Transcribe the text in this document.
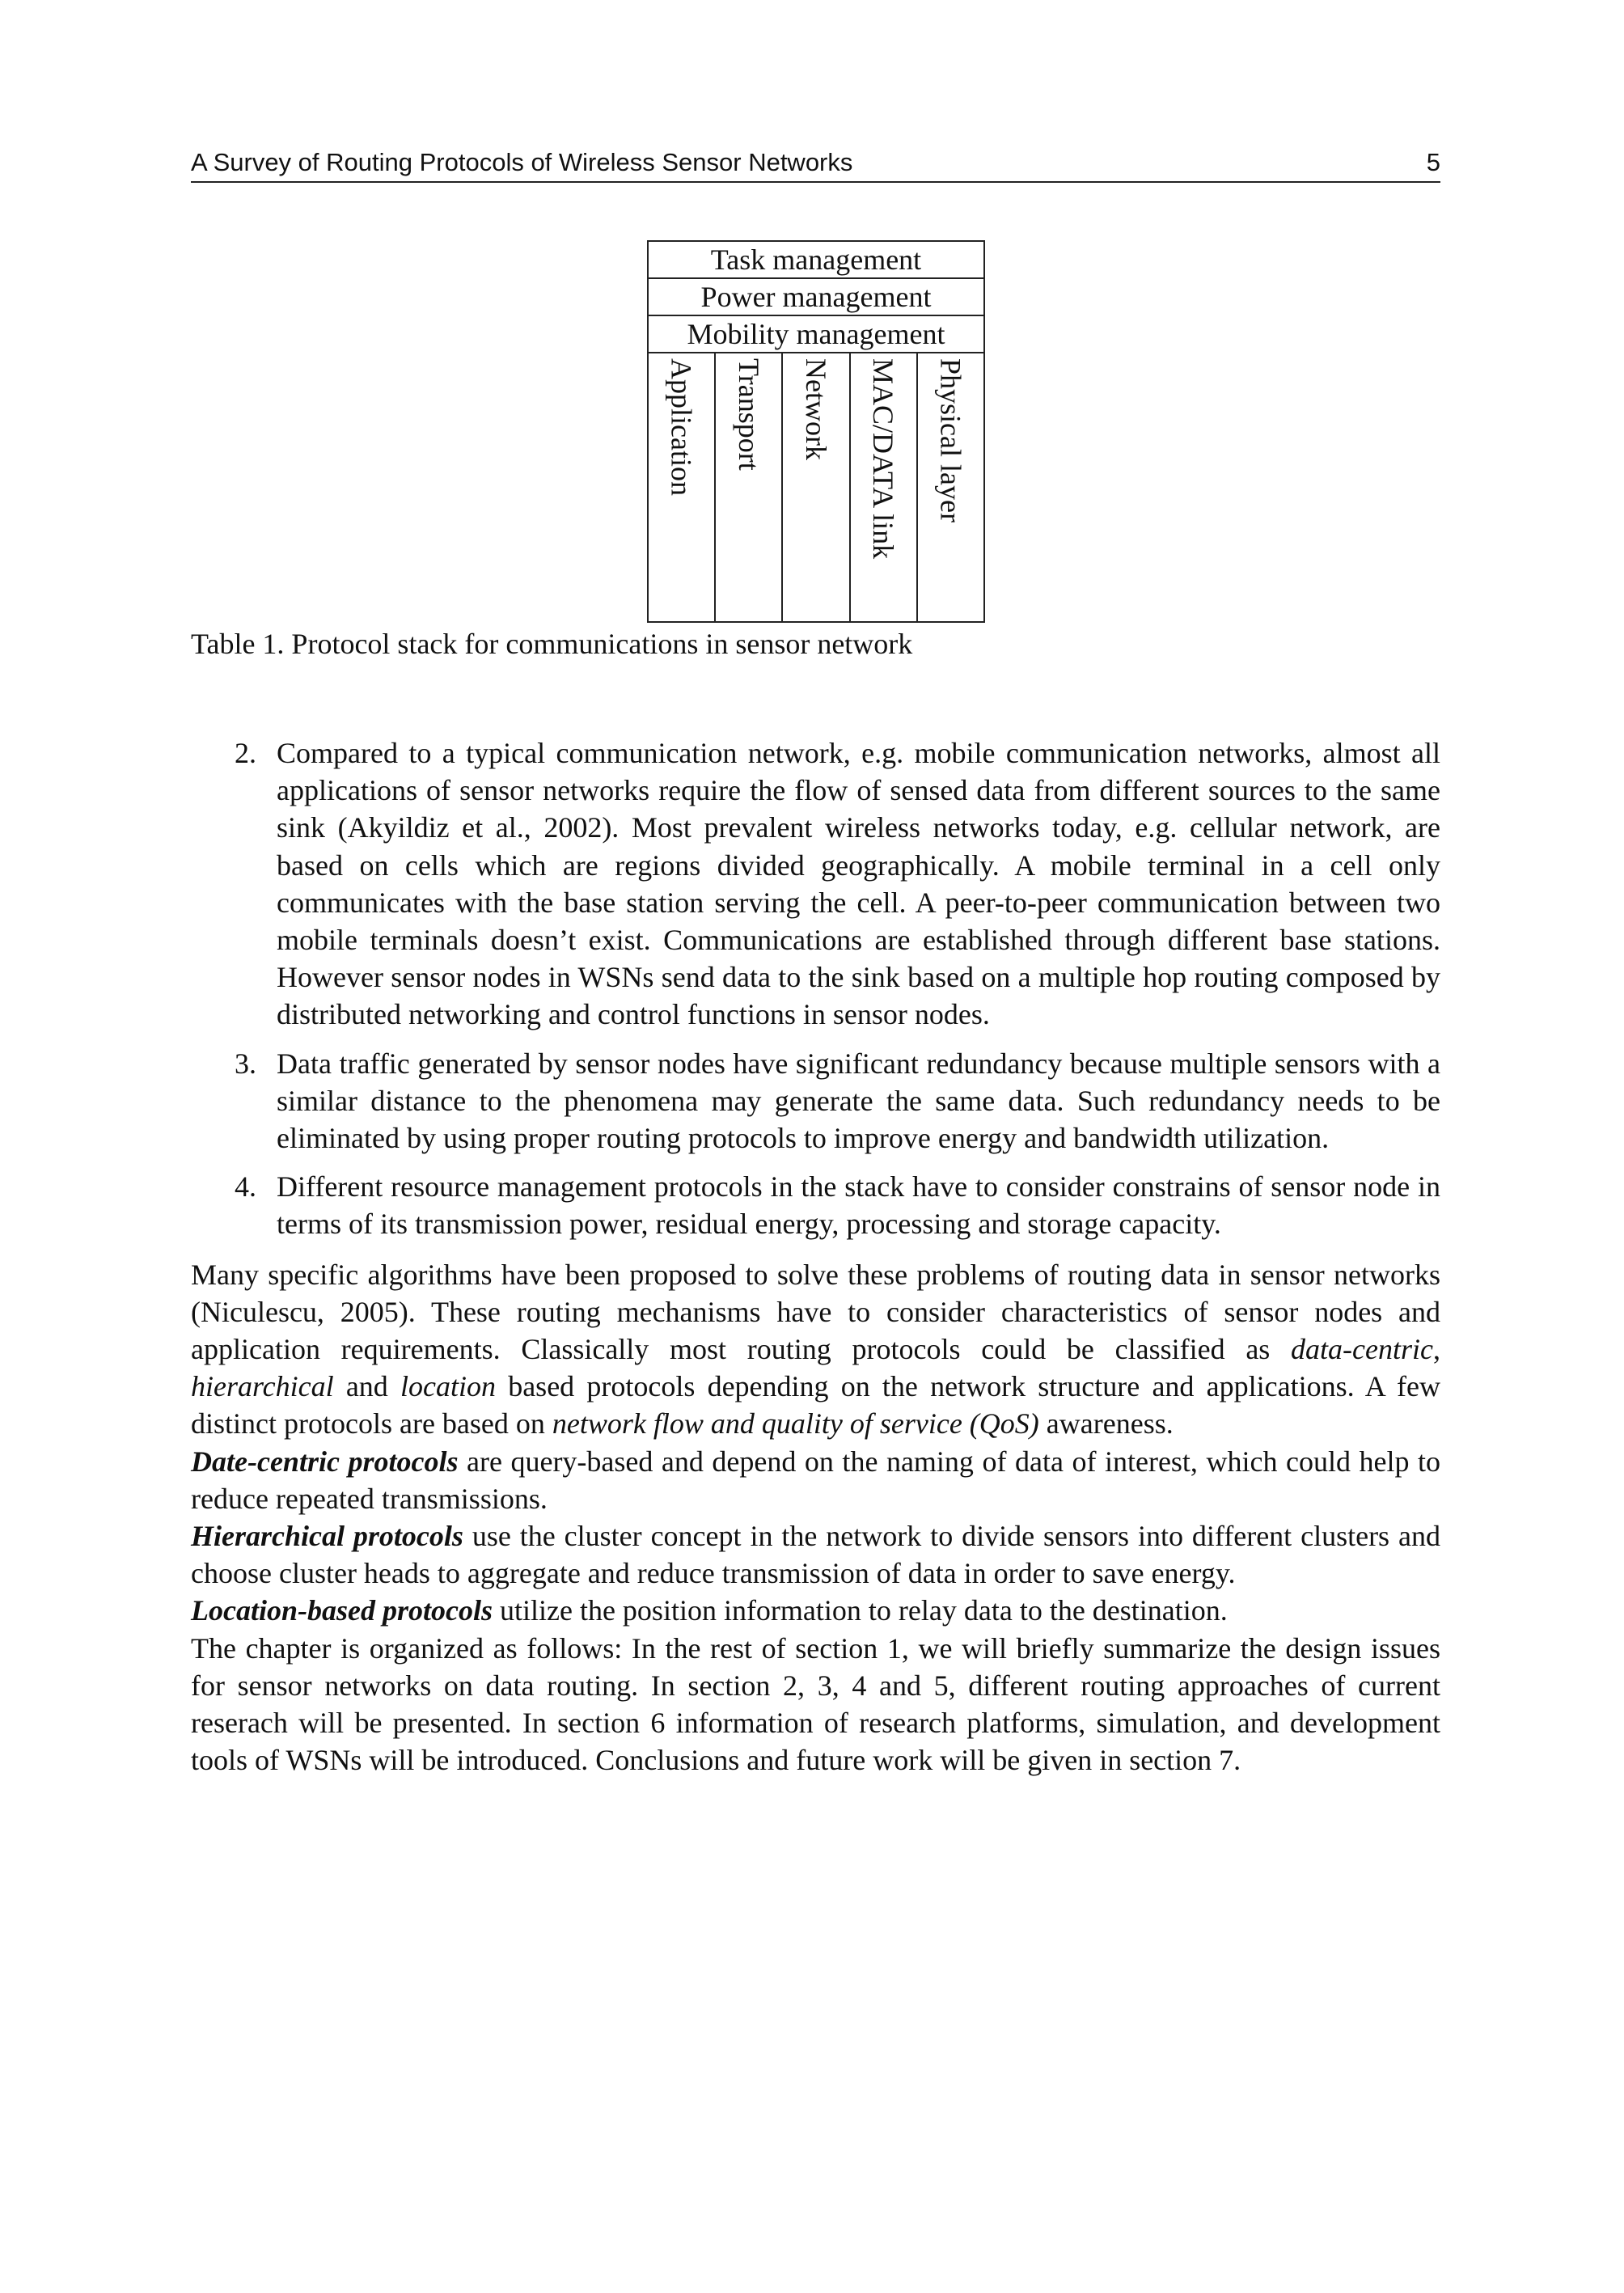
A Survey of Routing Protocols of Wireless Sensor Networks	5
Task management
Power management
Mobility management
Application Transport Network MAC/DATA link Physical layer
Table 1. Protocol stack for communications in sensor network
2. Compared to a typical communication network, e.g. mobile communication networks, almost all applications of sensor networks require the flow of sensed data from different sources to the same sink (Akyildiz et al., 2002). Most prevalent wireless networks today, e.g. cellular network, are based on cells which are regions divided geographically. A mobile terminal in a cell only communicates with the base station serving the cell. A peer-to-peer communication between two mobile terminals doesn’t exist. Communications are established through different base stations. However sensor nodes in WSNs send data to the sink based on a multiple hop routing composed by distributed networking and control functions in sensor nodes.
3. Data traffic generated by sensor nodes have significant redundancy because multiple sensors with a similar distance to the phenomena may generate the same data. Such redundancy needs to be eliminated by using proper routing protocols to improve energy and bandwidth utilization.
4. Different resource management protocols in the stack have to consider constrains of sensor node in terms of its transmission power, residual energy, processing and storage capacity.

Many specific algorithms have been proposed to solve these problems of routing data in sensor networks (Niculescu, 2005). These routing mechanisms have to consider characteristics of sensor nodes and application requirements. Classically most routing protocols could be classified as data-centric, hierarchical and location based protocols depending on the network structure and applications. A few distinct protocols are based on network flow and quality of service (QoS) awareness.

Date-centric protocols are query-based and depend on the naming of data of interest, which could help to reduce repeated transmissions.

Hierarchical protocols use the cluster concept in the network to divide sensors into different clusters and choose cluster heads to aggregate and reduce transmission of data in order to save energy.

Location-based protocols utilize the position information to relay data to the destination.

The chapter is organized as follows: In the rest of section 1, we will briefly summarize the design issues for sensor networks on data routing. In section 2, 3, 4 and 5, different routing approaches of current reserach will be presented. In section 6 information of research platforms, simulation, and development tools of WSNs will be introduced. Conclusions and future work will be given in section 7.
